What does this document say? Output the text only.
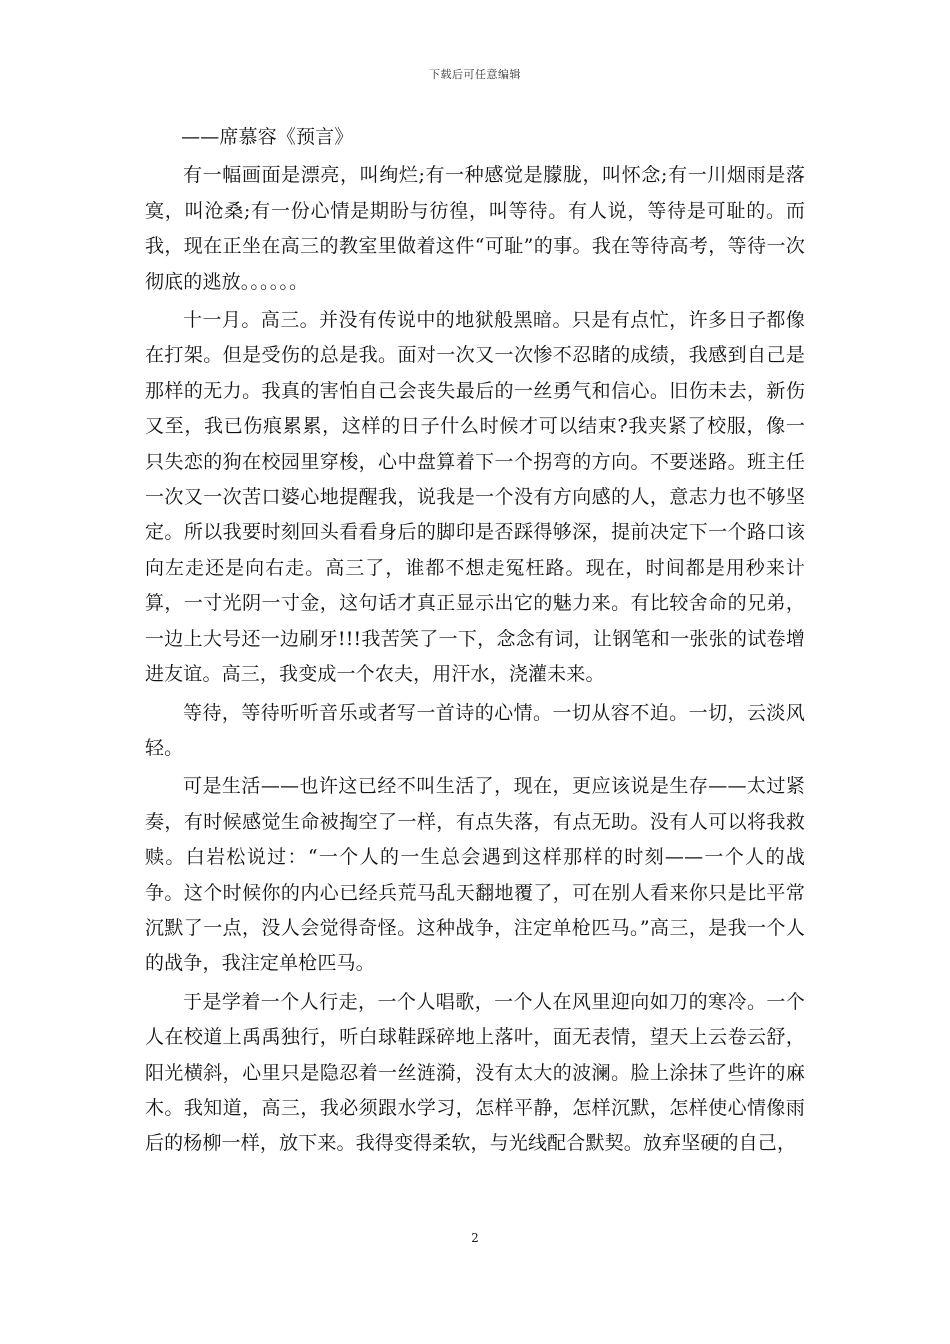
下载后可任意编辑

——席慕容《预言》

有一幅画面是漂亮，叫绚烂;有一种感觉是朦胧，叫怀念;有一川烟雨是落寞，叫沧桑;有一份心情是期盼与彷徨，叫等待。有人说，等待是可耻的。而我，现在正坐在高三的教室里做着这件“可耻”的事。我在等待高考，等待一次彻底的逃放。。。。。。

十一月。高三。并没有传说中的地狱般黑暗。只是有点忙，许多日子都像在打架。但是受伤的总是我。面对一次又一次惨不忍睹的成绩，我感到自己是那样的无力。我真的害怕自己会丧失最后的一丝勇气和信心。旧伤未去，新伤又至，我已伤痕累累，这样的日子什么时候才可以结束?我夹紧了校服，像一只失恋的狗在校园里穿梭，心中盘算着下一个拐弯的方向。不要迷路。班主任一次又一次苦口婆心地提醒我，说我是一个没有方向感的人，意志力也不够坚定。所以我要时刻回头看看身后的脚印是否踩得够深，提前决定下一个路口该向左走还是向右走。高三了，谁都不想走冤枉路。现在，时间都是用秒来计算，一寸光阴一寸金，这句话才真正显示出它的魅力来。有比较舍命的兄弟，一边上大号还一边刷牙!!!我苦笑了一下，念念有词，让钢笔和一张张的试卷增进友谊。高三，我变成一个农夫，用汗水，浇灌未来。

等待，等待听听音乐或者写一首诗的心情。一切从容不迫。一切，云淡风轻。

可是生活——也许这已经不叫生活了，现在，更应该说是生存——太过紧奏，有时候感觉生命被掏空了一样，有点失落，有点无助。没有人可以将我救赎。白岩松说过：“一个人的一生总会遇到这样那样的时刻——一个人的战争。这个时候你的内心已经兵荒马乱天翻地覆了，可在别人看来你只是比平常沉默了一点，没人会觉得奇怪。这种战争，注定单枪匹马。”高三，是我一个人的战争，我注定单枪匹马。

于是学着一个人行走，一个人唱歌，一个人在风里迎向如刀的寒冷。一个人在校道上禹禹独行，听白球鞋踩碎地上落叶，面无表情，望天上云卷云舒，阳光横斜，心里只是隐忍着一丝涟漪，没有太大的波澜。脸上涂抹了些许的麻木。我知道，高三，我必须跟水学习，怎样平静，怎样沉默，怎样使心情像雨后的杨柳一样，放下来。我得变得柔软，与光线配合默契。放弃坚硬的自己，

2
